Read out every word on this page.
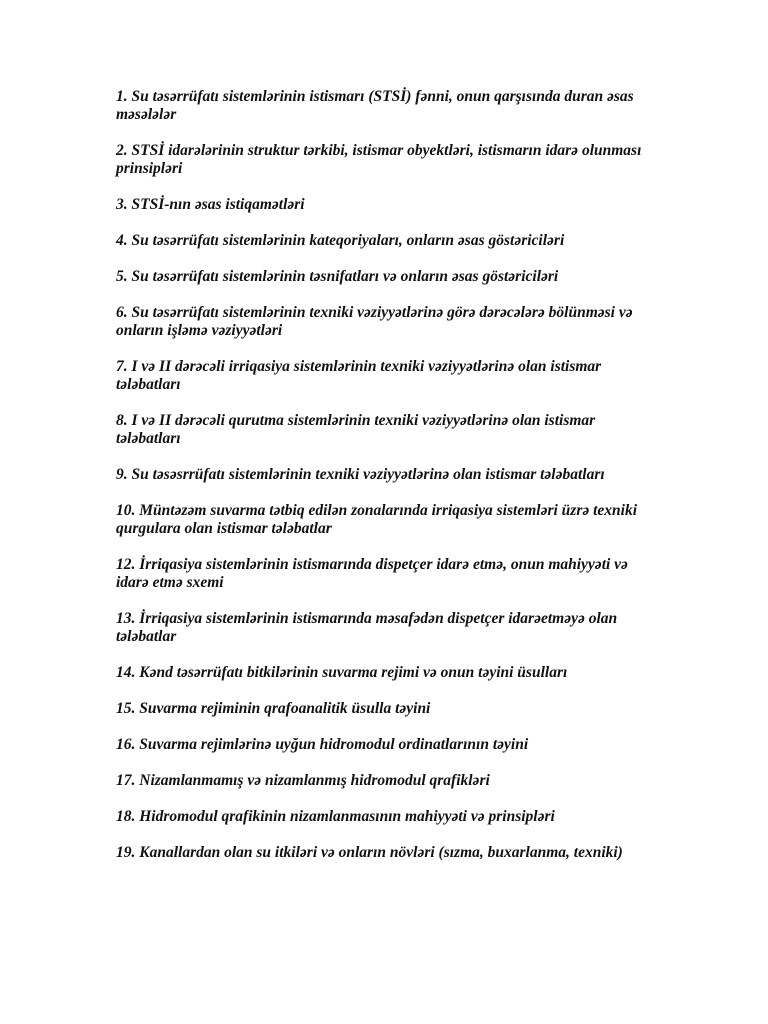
1. Su təsərrüfatı sistemlərinin istismarı (STSİ) fənni, onun qarşısında duran əsas məsələlər
2. STSİ idarələrinin struktur tərkibi, istismar obyektləri, istismarın idarə olunması prinsipləri
3. STSİ-nın əsas istiqamətləri
4. Su təsərrüfatı sistemlərinin kateqoriyaları, onların əsas göstəriciləri
5. Su təsərrüfatı sistemlərinin təsnifatları və onların əsas göstəriciləri
6. Su təsərrüfatı sistemlərinin texniki vəziyyətlərinə görə dərəcələrə bölünməsi və onların işləmə vəziyyətləri
7. I və II dərəcəli irriqasiya sistemlərinin texniki vəziyyətlərinə olan istismar tələbatları
8. I və II dərəcəli qurutma sistemlərinin texniki vəziyyətlərinə olan istismar tələbatları
9. Su təsəsrrüfatı sistemlərinin texniki vəziyyətlərinə olan istismar tələbatları
10. Müntəzəm suvarma tətbiq edilən zonalarında irriqasiya sistemləri üzrə texniki qurgulara olan istismar tələbatlar
12. İrriqasiya sistemlərinin istismarında dispetçer idarə etmə, onun mahiyyəti və idarə etmə sxemi
13. İrriqasiya sistemlərinin istismarında məsafədən dispetçer idarəetməyə olan tələbatlar
14. Kənd təsərrüfatı bitkilərinin suvarma rejimi və onun təyini üsulları
15. Suvarma rejiminin qrafoanalitik üsulla təyini
16. Suvarma rejimlərinə uyğun hidromodul ordinatlarının təyini
17. Nizamlanmamış və nizamlanmış hidromodul qrafikləri
18. Hidromodul qrafikinin nizamlanmasının mahiyyəti və prinsipləri
19. Kanallardan olan su itkiləri və onların növləri (sızma, buxarlanma, texniki)
